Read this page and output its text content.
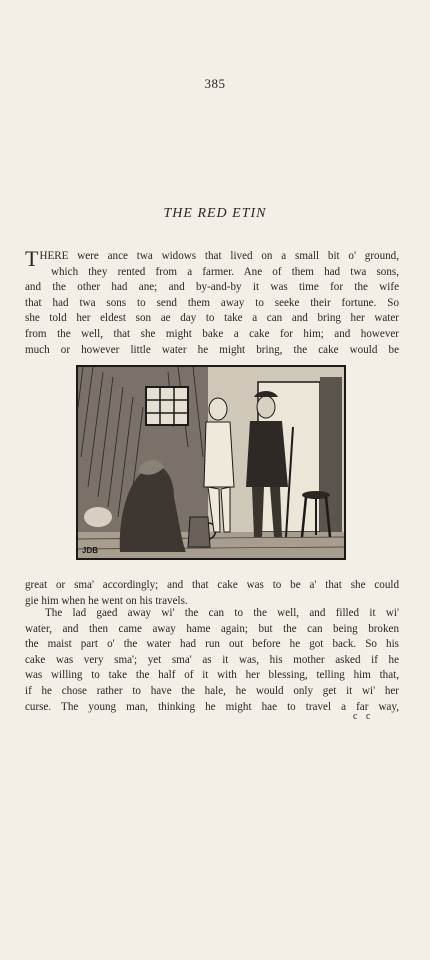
385
THE RED ETIN
T HERE were ance twa widows that lived on a small bit o' ground,
which they rented from a farmer. Ane of them had twa sons,
and the other had ane; and by-and-by it was time for the wife
that had twa sons to send them away to seeke their fortune. So
she told her eldest son ae day to take a can and bring her water
from the well, that she might bake a cake for him; and however
much or however little water he might bring, the cake would be
JDB
great or sma' accordingly; and that cake was to be a' that she could
gie him when he went on his travels.
The lad gaed away wi' the can to the well, and filled it wi'
water, and then came away hame again; but the can being broken
the maist part o' the water had run out before he got back. So his
cake was very sma'; yet sma' as it was, his mother asked if he
was willing to take the half of it with her blessing, telling him that,
if he chose rather to have the hale, he would only get it wi' her
curse. The young man, thinking he might hae to travel a far way,
c c
